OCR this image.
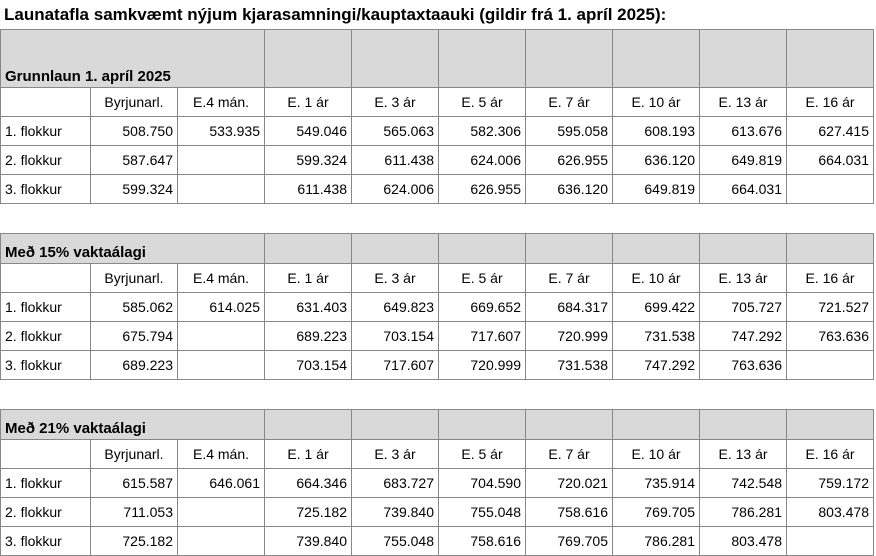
Launatafla samkvæmt nýjum kjarasamningi/kauptaxtaauki (gildir frá 1. apríl 2025):
Grunnlaun 1. apríl 2025									
	Byrjunarl.	E.4 mán.	E. 1 ár	E. 3 ár	E. 5 ár	E. 7 ár	E. 10 ár	E. 13 ár	E. 16 ár
1. flokkur	508.750	533.935	549.046	565.063	582.306	595.058	608.193	613.676	627.415
2. flokkur	587.647		599.324	611.438	624.006	626.955	636.120	649.819	664.031
3. flokkur	599.324		611.438	624.006	626.955	636.120	649.819	664.031	

Með 15% vaktaálagi									
	Byrjunarl.	E.4 mán.	E. 1 ár	E. 3 ár	E. 5 ár	E. 7 ár	E. 10 ár	E. 13 ár	E. 16 ár
1. flokkur	585.062	614.025	631.403	649.823	669.652	684.317	699.422	705.727	721.527
2. flokkur	675.794		689.223	703.154	717.607	720.999	731.538	747.292	763.636
3. flokkur	689.223		703.154	717.607	720.999	731.538	747.292	763.636	

Með 21% vaktaálagi									
	Byrjunarl.	E.4 mán.	E. 1 ár	E. 3 ár	E. 5 ár	E. 7 ár	E. 10 ár	E. 13 ár	E. 16 ár
1. flokkur	615.587	646.061	664.346	683.727	704.590	720.021	735.914	742.548	759.172
2. flokkur	711.053		725.182	739.840	755.048	758.616	769.705	786.281	803.478
3. flokkur	725.182		739.840	755.048	758.616	769.705	786.281	803.478	
